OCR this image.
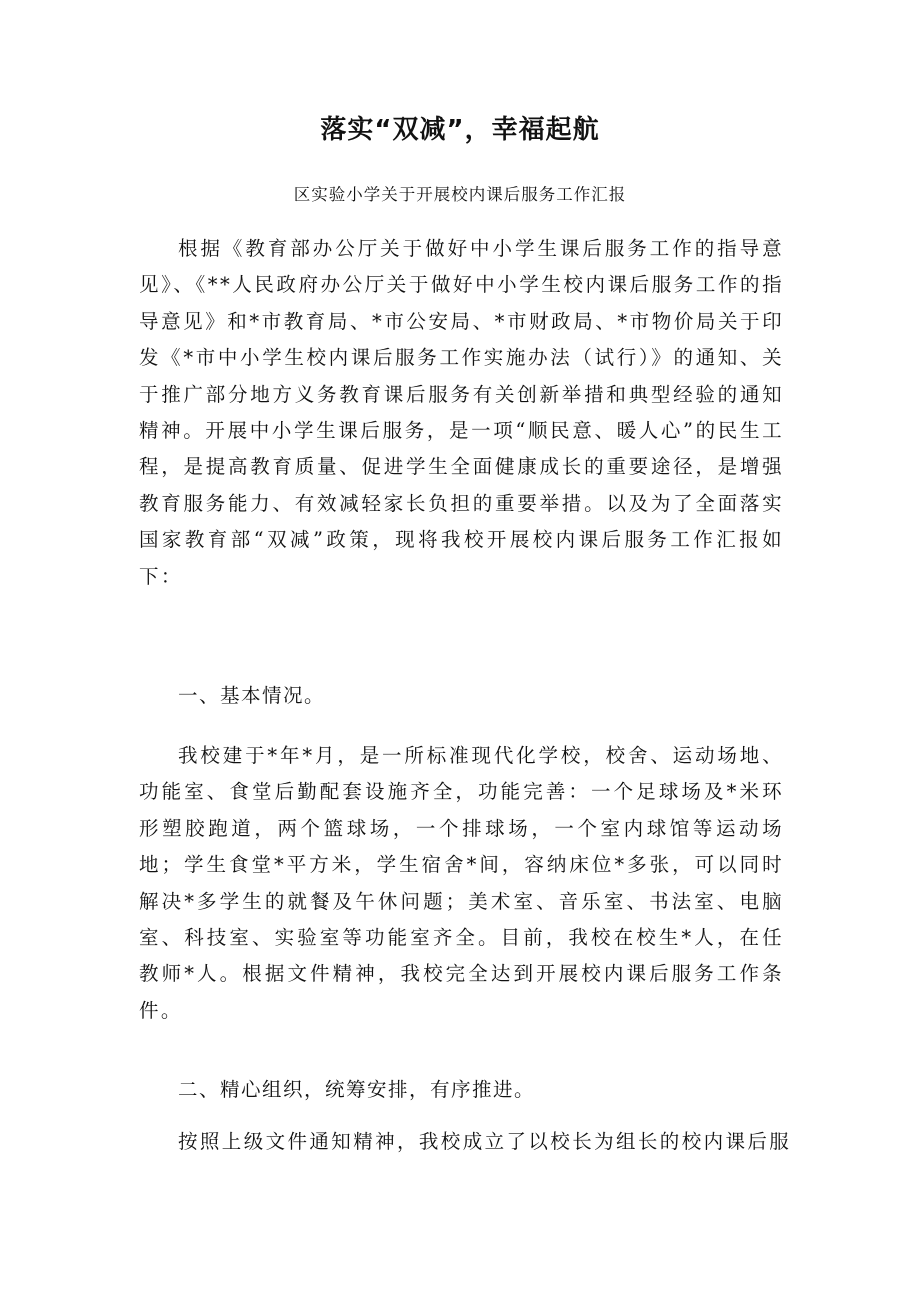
落实“双减”，幸福起航

区实验小学关于开展校内课后服务工作汇报

根据《教育部办公厅关于做好中小学生课后服务工作的指导意见》、《**人民政府办公厅关于做好中小学生校内课后服务工作的指导意见》和*市教育局、*市公安局、*市财政局、*市物价局关于印发《*市中小学生校内课后服务工作实施办法（试行）》的通知、关于推广部分地方义务教育课后服务有关创新举措和典型经验的通知精神。开展中小学生课后服务，是一项“顺民意、暖人心”的民生工程，是提高教育质量、促进学生全面健康成长的重要途径，是增强教育服务能力、有效减轻家长负担的重要举措。以及为了全面落实国家教育部“双减”政策，现将我校开展校内课后服务工作汇报如下：

一、基本情况。

我校建于*年*月，是一所标准现代化学校，校舍、运动场地、功能室、食堂后勤配套设施齐全，功能完善：一个足球场及*米环形塑胶跑道，两个篮球场，一个排球场，一个室内球馆等运动场地；学生食堂*平方米，学生宿舍*间，容纳床位*多张，可以同时解决*多学生的就餐及午休问题；美术室、音乐室、书法室、电脑室、科技室、实验室等功能室齐全。目前，我校在校生*人，在任教师*人。根据文件精神，我校完全达到开展校内课后服务工作条件。

二、精心组织，统筹安排，有序推进。

按照上级文件通知精神，我校成立了以校长为组长的校内课后服
